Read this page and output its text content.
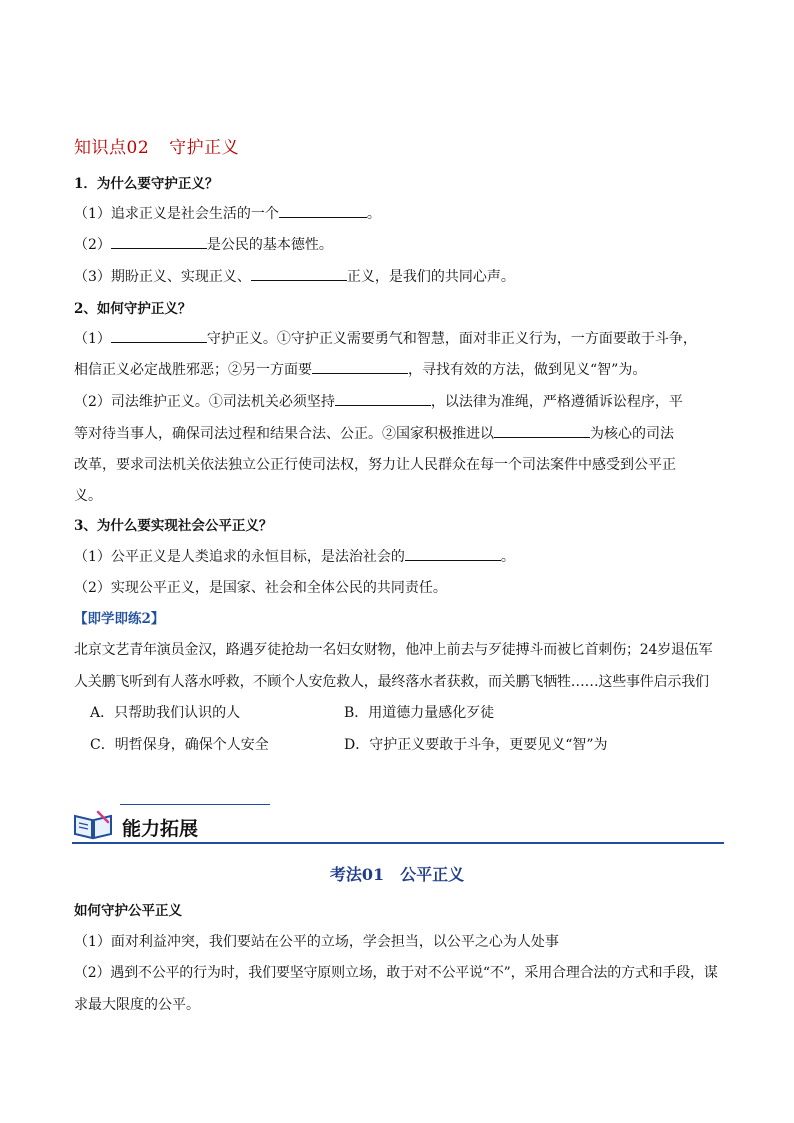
知识点02 守护正义
1．为什么要守护正义？
（1）追求正义是社会生活的一个	。
（2）	是公民的基本德性。
（3）期盼正义、实现正义、	正义，是我们的共同心声。
2、如何守护正义？
（1）	守护正义。①守护正义需要勇气和智慧，面对非正义行为，一方面要敢于斗争，
相信正义必定战胜邪恶；②另一方面要	，寻找有效的方法，做到见义“智”为。
（2）司法维护正义。①司法机关必须坚持	，以法律为准绳，严格遵循诉讼程序，平
等对待当事人，确保司法过程和结果合法、公正。②国家积极推进以	为核心的司法
改革，要求司法机关依法独立公正行使司法权，努力让人民群众在每一个司法案件中感受到公平正
义。
3、为什么要实现社会公平正义？
（1）公平正义是人类追求的永恒目标，是法治社会的	。
（2）实现公平正义，是国家、社会和全体公民的共同责任。
【即学即练2】
北京文艺青年演员金汉，路遇歹徒抢劫一名妇女财物，他冲上前去与歹徒搏斗而被匕首刺伤；24岁退伍军
人关鹏飞听到有人落水呼救，不顾个人安危救人，最终落水者获救，而关鹏飞牺牲……这些事件启示我们
A．只帮助我们认识的人	B．用道德力量感化歹徒
C．明哲保身，确保个人安全	D．守护正义要敢于斗争，更要见义“智”为
能力拓展
考法01 公平正义
如何守护公平正义
（1）面对利益冲突，我们要站在公平的立场，学会担当，以公平之心为人处事
（2）遇到不公平的行为时，我们要坚守原则立场，敢于对不公平说“不”，采用合理合法的方式和手段，谋
求最大限度的公平。
